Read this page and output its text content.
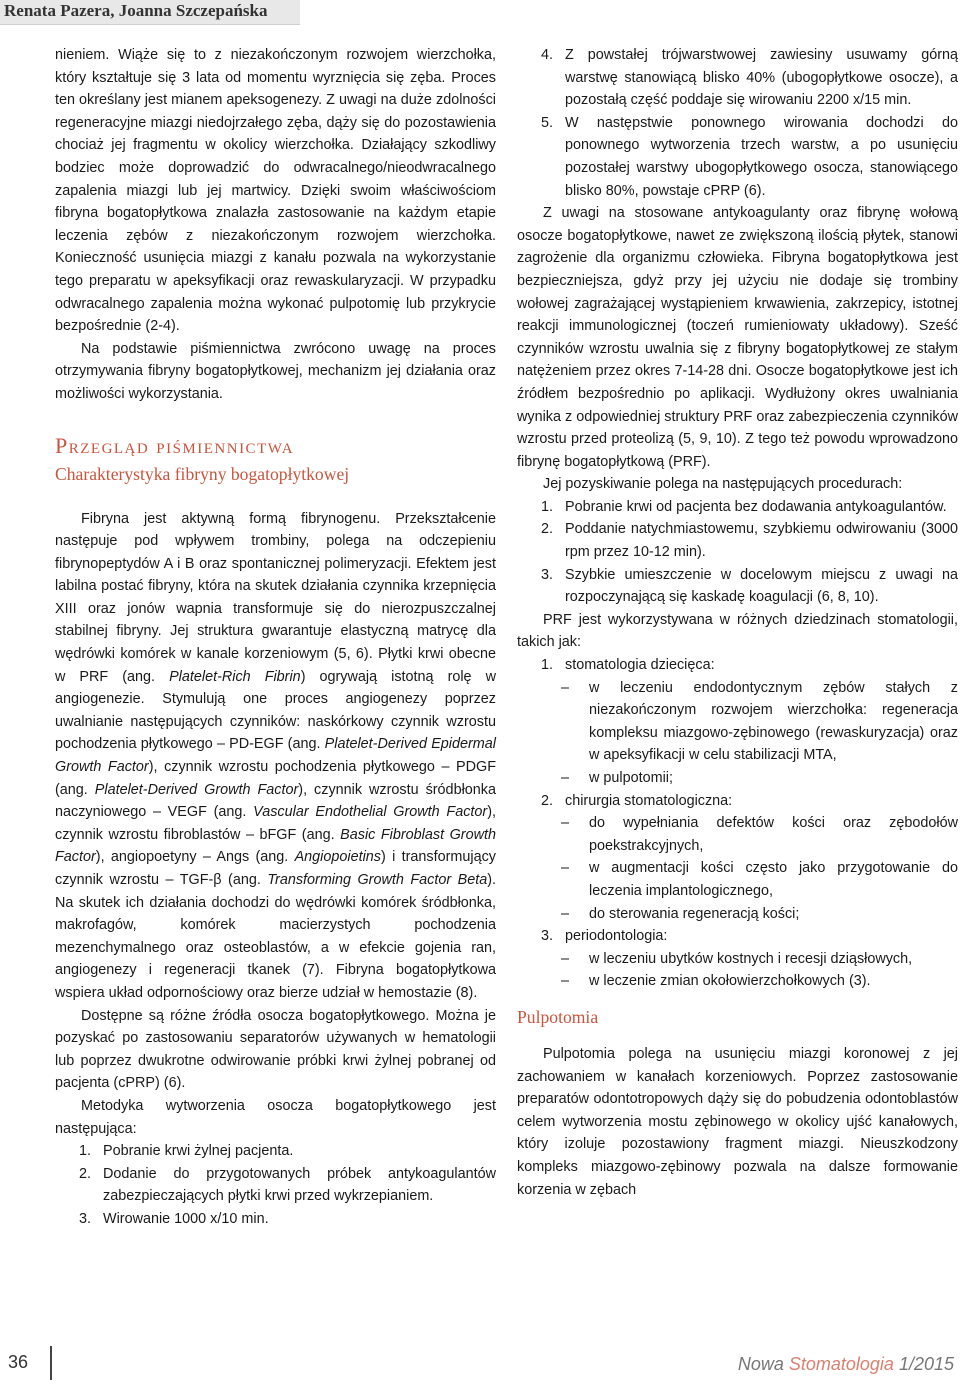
Renata Pazera, Joanna Szczepańska

nieniem. Wiąże się to z niezakończonym rozwojem wierzchołka, który kształtuje się 3 lata od momentu wyrznięcia się zęba. Proces ten określany jest mianem apeksogenezy. Z uwagi na duże zdolności regeneracyjne miazgi niedojrzałego zęba, dąży się do pozostawienia chociaż jej fragmentu w okolicy wierzchołka. Działający szkodliwy bodziec może doprowadzić do odwracalnego/nieodwracalnego zapalenia miazgi lub jej martwicy. Dzięki swoim właściwościom fibryna bogatopłytkowa znalazła zastosowanie na każdym etapie leczenia zębów z niezakończonym rozwojem wierzchołka. Konieczność usunięcia miazgi z kanału pozwala na wykorzystanie tego preparatu w apeksyfikacji oraz rewaskularyzacji. W przypadku odwracalnego zapalenia można wykonać pulpotomię lub przykrycie bezpośrednie (2-4).

Na podstawie piśmiennictwa zwrócono uwagę na proces otrzymywania fibryny bogatopłytkowej, mechanizm jej działania oraz możliwości wykorzystania.

Przegląd piśmiennictwa
Charakterystyka fibryny bogatopłytkowej

Fibryna jest aktywną formą fibrynogenu. Przekształcenie następuje pod wpływem trombiny, polega na odczepieniu fibrynopeptydów A i B oraz spontanicznej polimeryzacji. Efektem jest labilna postać fibryny, która na skutek działania czynnika krzepnięcia XIII oraz jonów wapnia transformuje się do nierozpuszczalnej stabilnej fibryny. Jej struktura gwarantuje elastyczną matrycę dla wędrówki komórek w kanale korzeniowym (5, 6). Płytki krwi obecne w PRF (ang. Platelet-Rich Fibrin) ogrywają istotną rolę w angiogenezie. Stymulują one proces angiogenezy poprzez uwalnianie następujących czynników: naskórkowy czynnik wzrostu pochodzenia płytkowego – PD-EGF (ang. Platelet-Derived Epidermal Growth Factor), czynnik wzrostu pochodzenia płytkowego – PDGF (ang. Platelet-Derived Growth Factor), czynnik wzrostu śródbłonka naczyniowego – VEGF (ang. Vascular Endothelial Growth Factor), czynnik wzrostu fibroblastów – bFGF (ang. Basic Fibroblast Growth Factor), angiopoetyny – Angs (ang. Angiopoietins) i transformujący czynnik wzrostu – TGF-β (ang. Transforming Growth Factor Beta). Na skutek ich działania dochodzi do wędrówki komórek śródbłonka, makrofagów, komórek macierzystych pochodzenia mezenchymalnego oraz osteoblastów, a w efekcie gojenia ran, angiogenezy i regeneracji tkanek (7). Fibryna bogatopłytkowa wspiera układ odpornościowy oraz bierze udział w hemostazie (8).

Dostępne są różne źródła osocza bogatopłytkowego. Można je pozyskać po zastosowaniu separatorów używanych w hematologii lub poprzez dwukrotne odwirowanie próbki krwi żylnej pobranej od pacjenta (cPRP) (6).

Metodyka wytworzenia osocza bogatopłytkowego jest następująca:

1. Pobranie krwi żylnej pacjenta.
2. Dodanie do przygotowanych próbek antykoagulantów zabezpieczających płytki krwi przed wykrzepianiem.
3. Wirowanie 1000 x/10 min.
4. Z powstałej trójwarstwowej zawiesiny usuwamy górną warstwę stanowiącą blisko 40% (ubogopłytkowe osocze), a pozostałą część poddaje się wirowaniu 2200 x/15 min.
5. W następstwie ponownego wirowania dochodzi do ponownego wytworzenia trzech warstw, a po usunięciu pozostałej warstwy ubogopłytkowego osocza, stanowiącego blisko 80%, powstaje cPRP (6).

Z uwagi na stosowane antykoagulanty oraz fibrynę wołową osocze bogatopłytkowe, nawet ze zwiększoną ilością płytek, stanowi zagrożenie dla organizmu człowieka. Fibryna bogatopłytkowa jest bezpieczniejsza, gdyż przy jej użyciu nie dodaje się trombiny wołowej zagrażającej wystąpieniem krwawienia, zakrzepicy, istotnej reakcji immunologicznej (toczeń rumieniowaty układowy). Sześć czynników wzrostu uwalnia się z fibryny bogatopłytkowej ze stałym natężeniem przez okres 7-14-28 dni. Osocze bogatopłytkowe jest ich źródłem bezpośrednio po aplikacji. Wydłużony okres uwalniania wynika z odpowiedniej struktury PRF oraz zabezpieczenia czynników wzrostu przed proteolizą (5, 9, 10). Z tego też powodu wprowadzono fibrynę bogatopłytkową (PRF).

Jej pozyskiwanie polega na następujących procedurach:

1. Pobranie krwi od pacjenta bez dodawania antykoagulantów.
2. Poddanie natychmiastowemu, szybkiemu odwirowaniu (3000 rpm przez 10-12 min).
3. Szybkie umieszczenie w docelowym miejscu z uwagi na rozpoczynającą się kaskadę koagulacji (6, 8, 10).

PRF jest wykorzystywana w różnych dziedzinach stomatologii, takich jak:

1. stomatologia dziecięca:
– w leczeniu endodontycznym zębów stałych z niezakończonym rozwojem wierzchołka: regeneracja kompleksu miazgowo-zębinowego (rewaskuryzacja) oraz w apeksyfikacji w celu stabilizacji MTA,
– w pulpotomii;
2. chirurgia stomatologiczna:
– do wypełniania defektów kości oraz zębodołów poekstrakcyjnych,
– w augmentacji kości często jako przygotowanie do leczenia implantologicznego,
– do sterowania regeneracją kości;
3. periodontologia:
– w leczeniu ubytków kostnych i recesji dziąsłowych,
– w leczenie zmian okołowierzchołkowych (3).
Pulpotomia

Pulpotomia polega na usunięciu miazgi koronowej z jej zachowaniem w kanałach korzeniowych. Poprzez zastosowanie preparatów odontotropowych dąży się do pobudzenia odontoblastów celem wytworzenia mostu zębinowego w okolicy ujść kanałowych, który izoluje pozostawiony fragment miazgi. Nieuszkodzony kompleks miazgowo-zębinowy pozwala na dalsze formowanie korzenia w zębach

36	Nowa Stomatologia 1/2015
